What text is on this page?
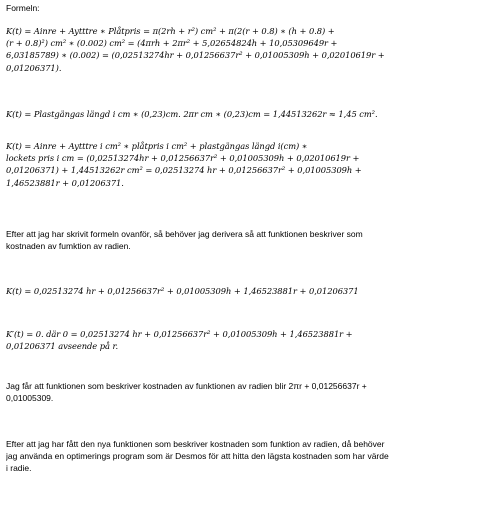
Formeln:
K(t) = Ainre + Aytttre ∗ Plåtpris = π(2rh + r²) cm² + π(2(r + 0.8) ∗ (h + 0.8) +
(r + 0.8)²) cm² ∗ (0.002) cm² = (4πrh + 2πr² + 5,02654824h + 10,05309649r +
6,03185789) ∗ (0.002) = (0,02513274hr + 0,01256637r² + 0,01005309h + 0,02010619r +
0,01206371).
K(t) = Plastgängas längd i cm ∗ (0,23)cm. 2πr cm ∗ (0,23)cm = 1,44513262r ≈ 1,45 cm².
K(t) = Ainre + Aytttre i cm² ∗ plåtpris i cm² + plastgängas längd i(cm) ∗
lockets pris i cm = (0,02513274hr + 0,01256637r² + 0,01005309h + 0,02010619r +
0,01206371) + 1,44513262r cm² = 0,02513274 hr + 0,01256637r² + 0,01005309h +
1,46523881r + 0,01206371.
Efter att jag har skrivit formeln ovanför, så behöver jag derivera så att funktionen beskriver som
kostnaden av fumktion av radien.
K(t) = 0,02513274 hr + 0,01256637r² + 0,01005309h + 1,46523881r + 0,01206371
K′(t) = 0. där 0 = 0,02513274 hr + 0,01256637r² + 0,01005309h + 1,46523881r +
0,01206371 avseende på r.
Jag får att funktionen som beskriver kostnaden av funktionen av radien blir 2πr + 0,01256637r +
0,01005309.
Efter att jag har fått den nya funktionen som beskriver kostnaden som funktion av radien, då behöver
jag använda en optimerings program som är Desmos för att hitta den lägsta kostnaden som har värde
i radie.
